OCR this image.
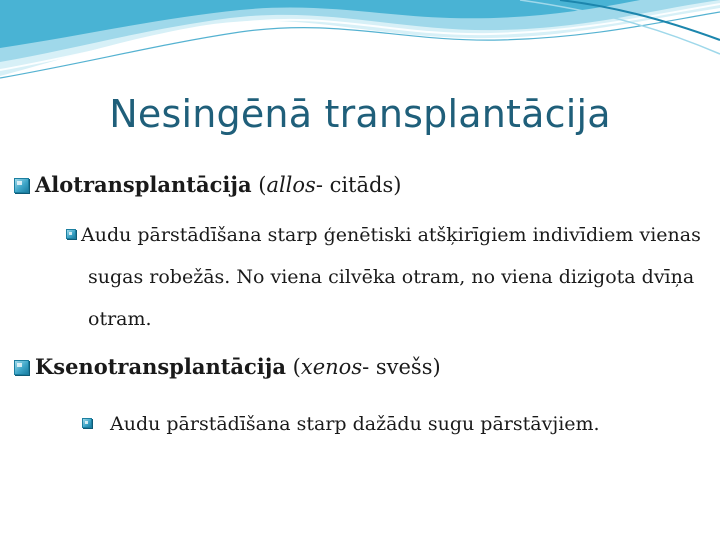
Nesingēnā transplantācija
Alotransplantācija (allos- citāds)
Audu pārstādīšana starp ģenētiski atšķirīgiem indivīdiem vienas sugas robežās. No viena cilvēka otram, no viena dizigota dvīņa otram.
Ksenotransplantācija (xenos- svešs)
Audu pārstādīšana starp dažādu sugu pārstāvjiem.
